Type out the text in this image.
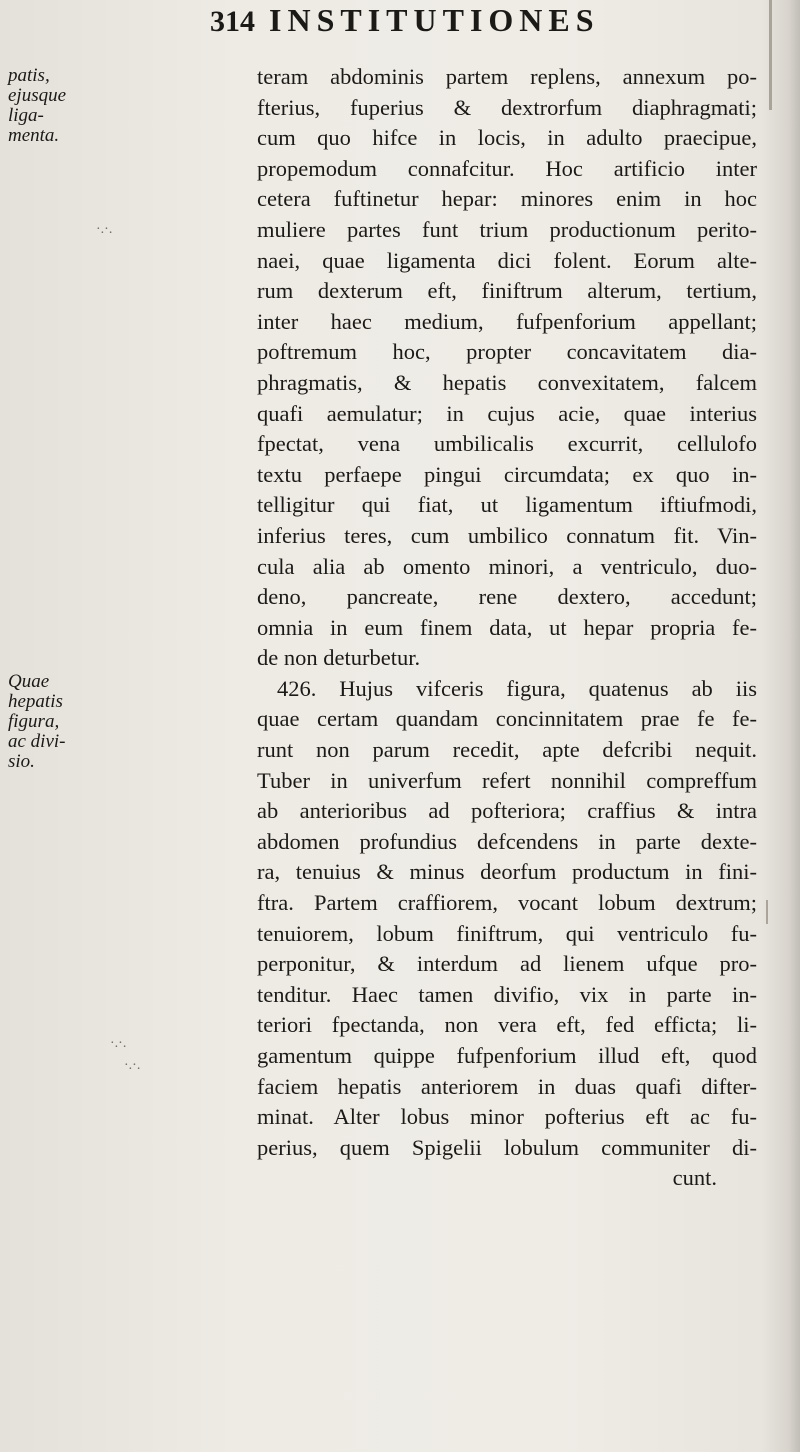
314 INSTITUTIONES
patis,
ejusque
liga-
menta.
Quae
hepatis
figura,
ac divi-
sio.
·.·.
·.·.
·.·.
teram abdominis partem replens, annexum po-
fterius, fuperius & dextrorfum diaphragmati;
cum quo hifce in locis, in adulto praecipue,
propemodum connafcitur. Hoc artificio inter
cetera fuftinetur hepar: minores enim in hoc
muliere partes funt trium productionum perito-
naei, quae ligamenta dici folent. Eorum alte-
rum dexterum eft, finiftrum alterum, tertium,
inter haec medium, fufpenforium appellant;
poftremum hoc, propter concavitatem dia-
phragmatis, & hepatis convexitatem, falcem
quafi aemulatur; in cujus acie, quae interius
fpectat, vena umbilicalis excurrit, cellulofo
textu perfaepe pingui circumdata; ex quo in-
telligitur qui fiat, ut ligamentum iftiufmodi,
inferius teres, cum umbilico connatum fit. Vin-
cula alia ab omento minori, a ventriculo, duo-
deno, pancreate, rene dextero, accedunt;
omnia in eum finem data, ut hepar propria fe-
de non deturbetur.
426. Hujus vifceris figura, quatenus ab iis
quae certam quandam concinnitatem prae fe fe-
runt non parum recedit, apte defcribi nequit.
Tuber in univerfum refert nonnihil compreffum
ab anterioribus ad pofteriora; craffius & intra
abdomen profundius defcendens in parte dexte-
ra, tenuius & minus deorfum productum in fini-
ftra. Partem craffiorem, vocant lobum dextrum;
tenuiorem, lobum finiftrum, qui ventriculo fu-
perponitur, & interdum ad lienem ufque pro-
tenditur. Haec tamen divifio, vix in parte in-
teriori fpectanda, non vera eft, fed efficta; li-
gamentum quippe fufpenforium illud eft, quod
faciem hepatis anteriorem in duas quafi difter-
minat. Alter lobus minor pofterius eft ac fu-
perius, quem Spigelii lobulum communiter di-
cunt.
